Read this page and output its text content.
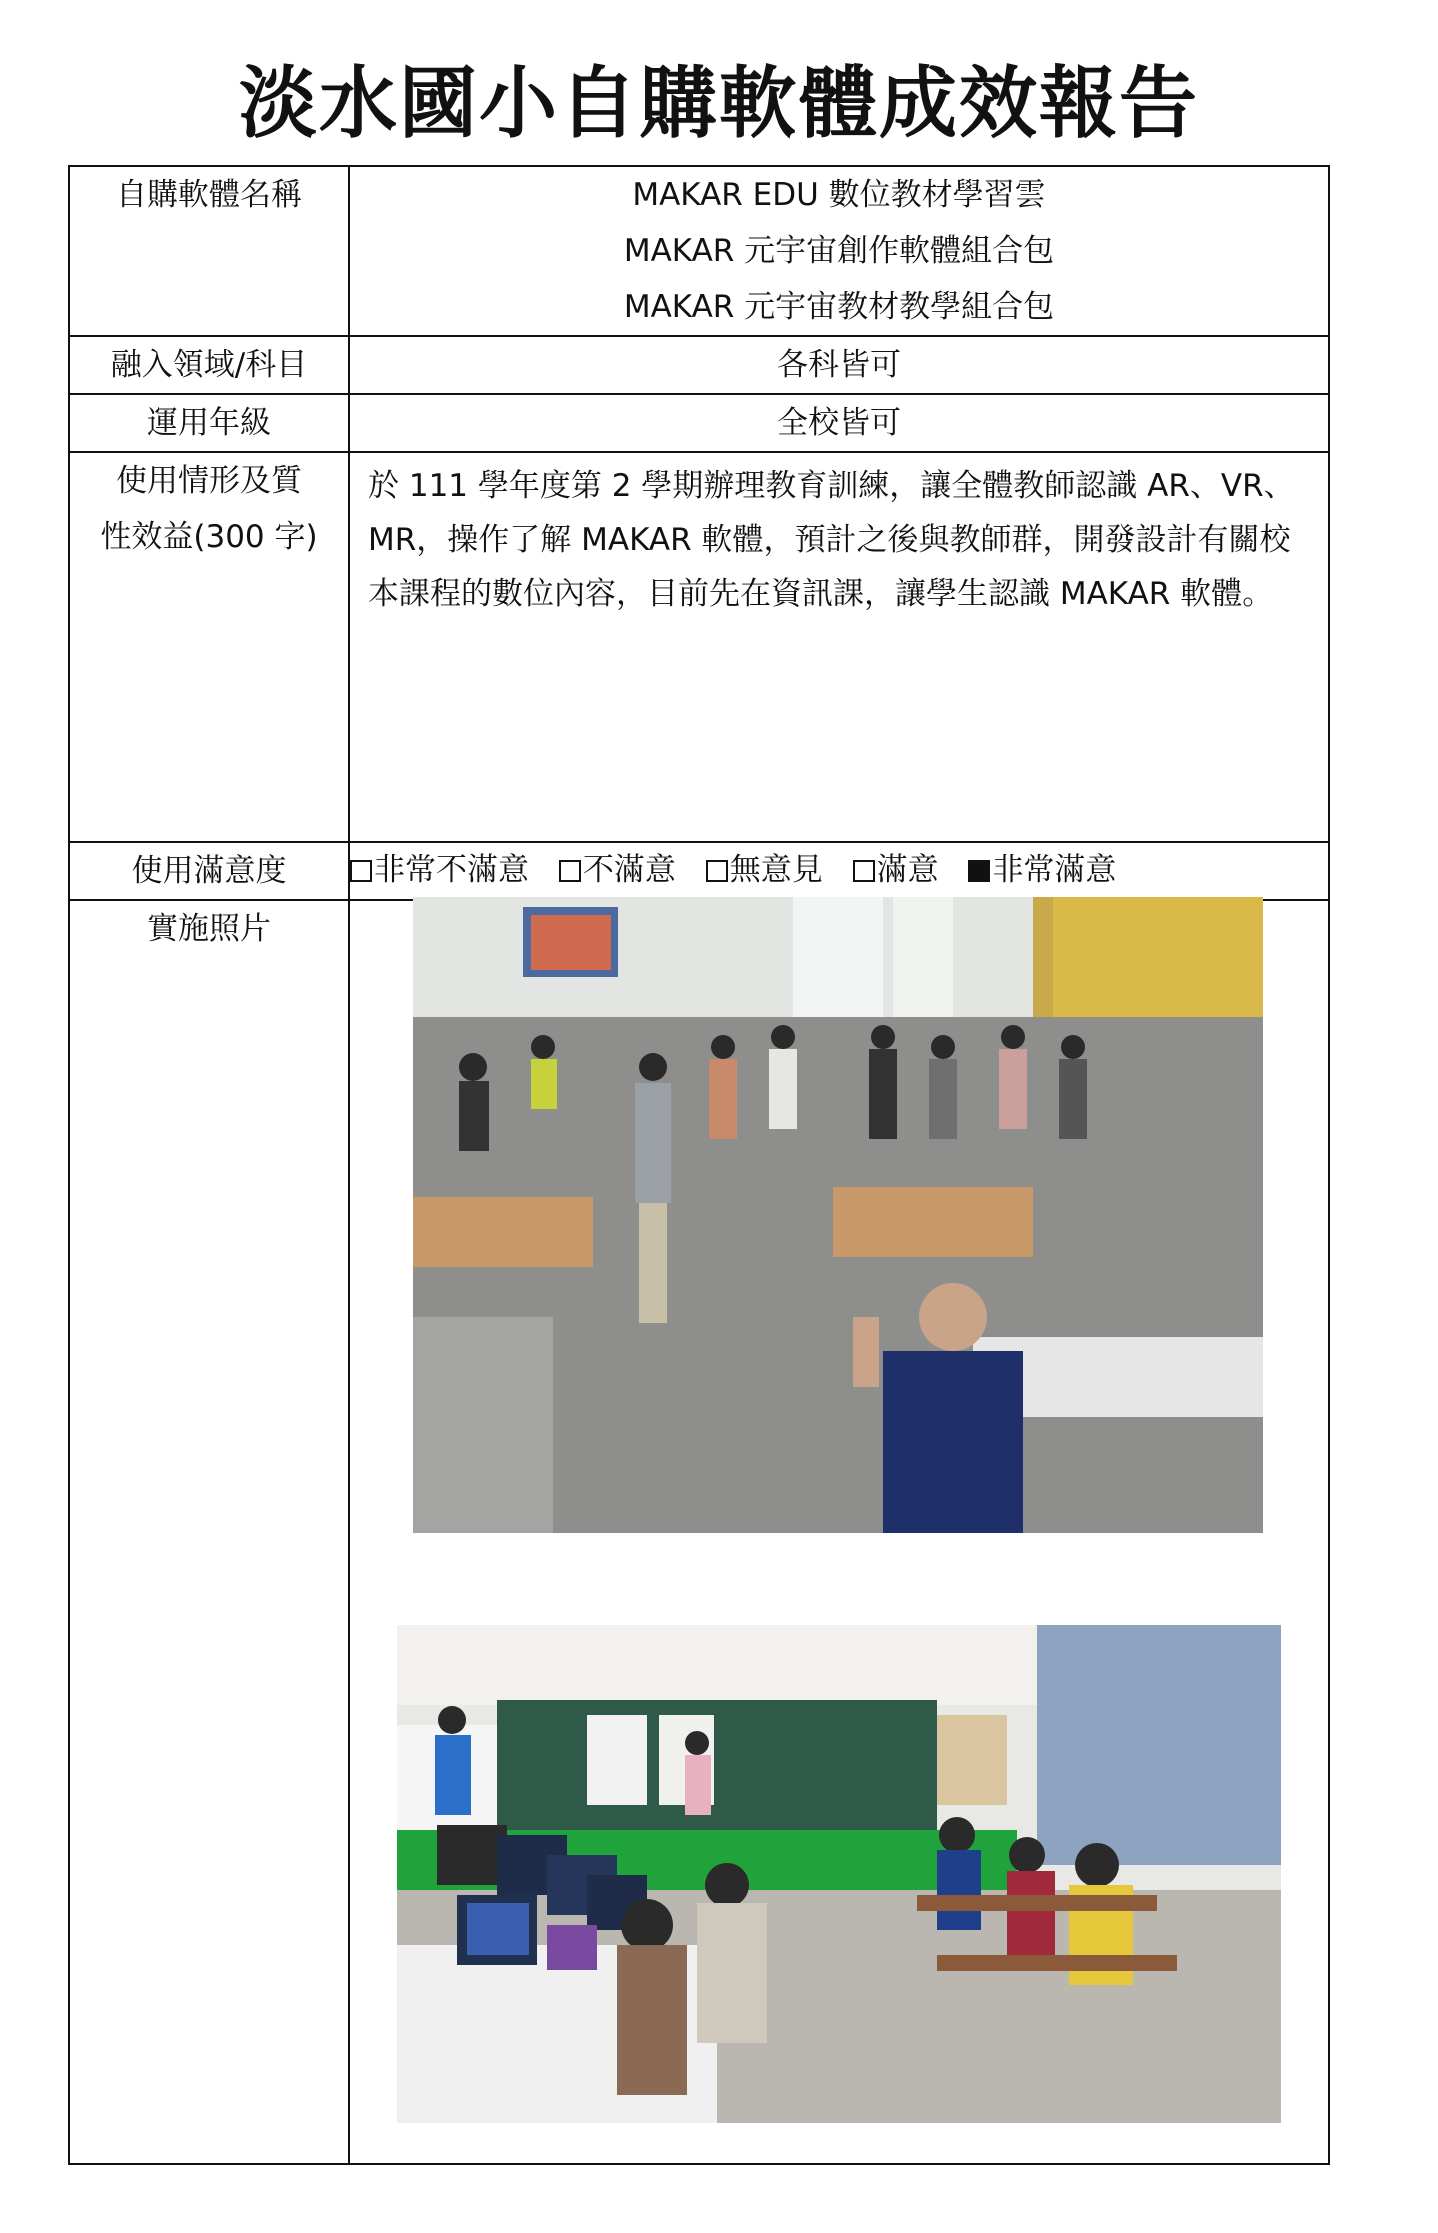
淡水國小自購軟體成效報告
自購軟體名稱	MAKAR EDU 數位教材學習雲
MAKAR 元宇宙創作軟體組合包
MAKAR 元宇宙教材教學組合包

融入領域/科目	各科皆可
運用年級	全校皆可

使用情形及質
性效益(300 字)	於 111 學年度第 2 學期辦理教育訓練，讓全體教師認識 AR、VR、MR，操作了解 MAKAR 軟體，預計之後與教師群，開發設計有關校本課程的數位內容，目前先在資訊課，讓學生認識 MAKAR 軟體。

使用滿意度	非常不滿意 不滿意 無意見 滿意 非常滿意
實施照片	
